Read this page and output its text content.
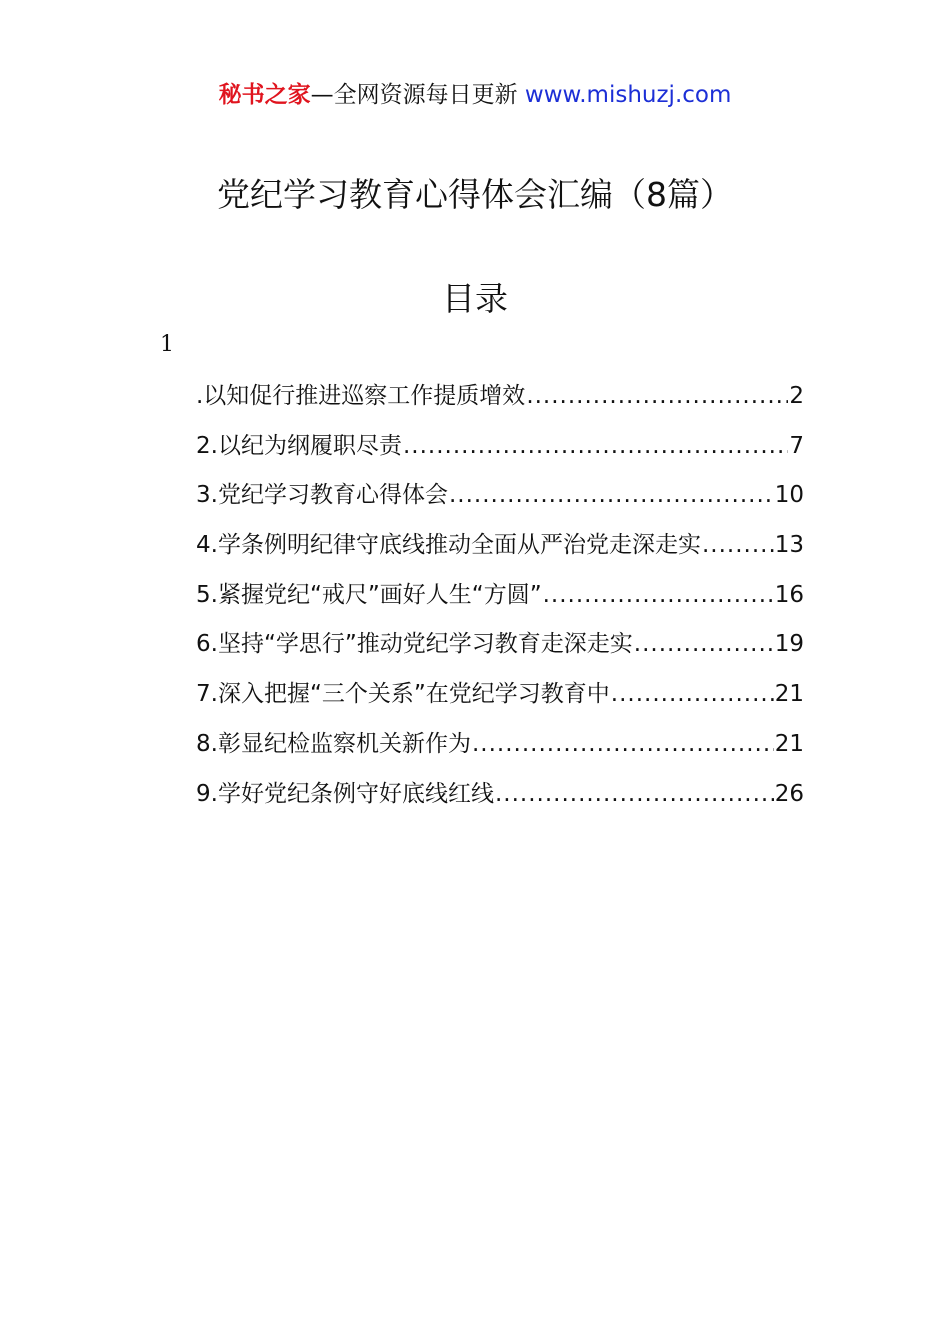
秘书之家—全网资源每日更新 www.mishuzj.com
党纪学习教育心得体会汇编（8篇）
目录
1
.以知促行推进巡察工作提质增效 .....	2
2.以纪为纲履职尽责 .....	7
3.党纪学习教育心得体会 .....	10
4.学条例明纪律守底线推动全面从严治党走深走实 .....	13
5.紧握党纪“戒尺”画好人生“方圆” .....	16
6.坚持“学思行”推动党纪学习教育走深走实 .....	19
7.深入把握“三个关系”在党纪学习教育中 .....	21
8.彰显纪检监察机关新作为 .....	21
9.学好党纪条例守好底线红线 .....	26
